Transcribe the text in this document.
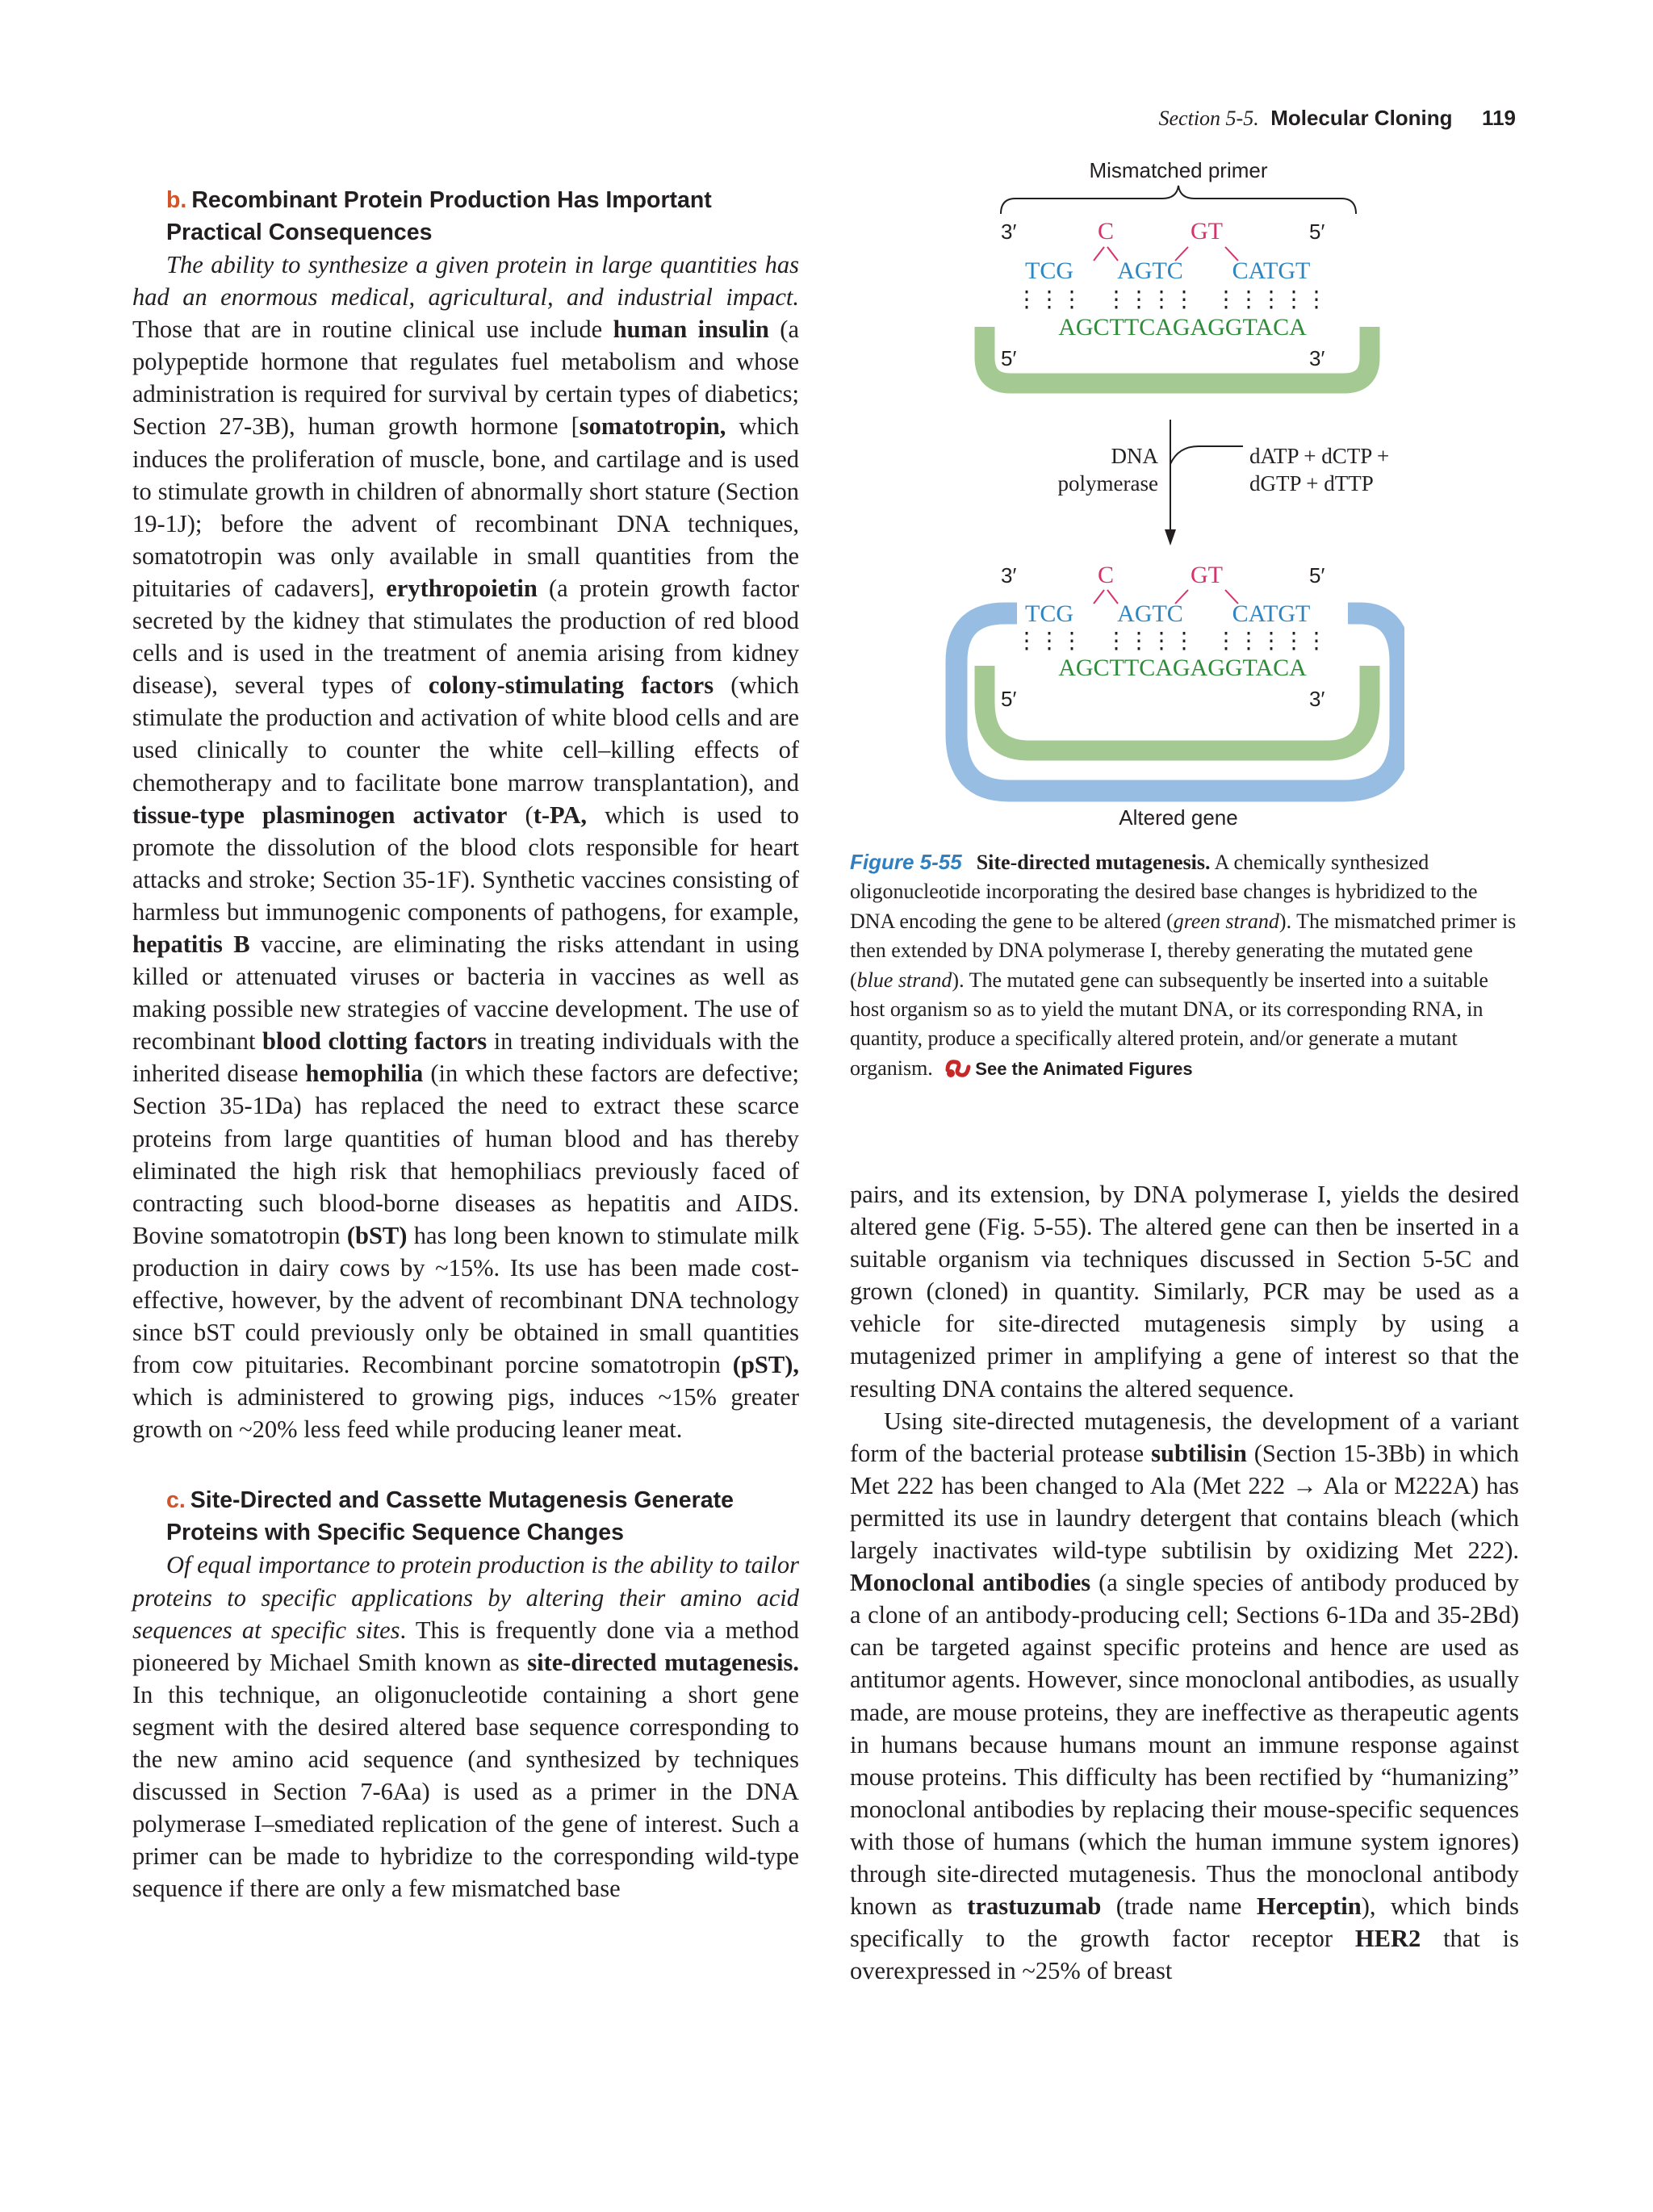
Section 5-5. Molecular Cloning 119
b. Recombinant Protein Production Has Important Practical Consequences

The ability to synthesize a given protein in large quantities has had an enormous medical, agricultural, and industrial impact. Those that are in routine clinical use include human insulin (a polypeptide hormone that regulates fuel metabolism and whose administration is required for survival by certain types of diabetics; Section 27-3B), human growth hormone [somatotropin, which induces the proliferation of muscle, bone, and cartilage and is used to stimulate growth in children of abnormally short stature (Section 19-1J); before the advent of recombinant DNA techniques, somatotropin was only available in small quantities from the pituitaries of cadavers], erythropoietin (a protein growth factor secreted by the kidney that stimulates the production of red blood cells and is used in the treatment of anemia arising from kidney disease), several types of colony-stimulating factors (which stimulate the production and activation of white blood cells and are used clinically to counter the white cell–killing effects of chemotherapy and to facilitate bone marrow transplantation), and tissue-type plasminogen activator (t-PA, which is used to promote the dissolution of the blood clots responsible for heart attacks and stroke; Section 35-1F). Synthetic vaccines consisting of harmless but immunogenic components of pathogens, for example, hepatitis B vaccine, are eliminating the risks attendant in using killed or attenuated viruses or bacteria in vaccines as well as making possible new strategies of vaccine development. The use of recombinant blood clotting factors in treating individuals with the inherited disease hemophilia (in which these factors are defective; Section 35-1Da) has replaced the need to extract these scarce proteins from large quantities of human blood and has thereby eliminated the high risk that hemophiliacs previously faced of contracting such blood-borne diseases as hepatitis and AIDS. Bovine somatotropin (bST) has long been known to stimulate milk production in dairy cows by ~15%. Its use has been made cost-effective, however, by the advent of recombinant DNA technology since bST could previously only be obtained in small quantities from cow pituitaries. Recombinant porcine somatotropin (pST), which is administered to growing pigs, induces ~15% greater growth on ~20% less feed while producing leaner meat.

c. Site-Directed and Cassette Mutagenesis Generate Proteins with Specific Sequence Changes

Of equal importance to protein production is the ability to tailor proteins to specific applications by altering their amino acid sequences at specific sites. This is frequently done via a method pioneered by Michael Smith known as site-directed mutagenesis. In this technique, an oligonucleotide containing a short gene segment with the desired altered base sequence corresponding to the new amino acid sequence (and synthesized by techniques discussed in Section 7-6Aa) is used as a primer in the DNA polymerase I–smediated replication of the gene of interest. Such a primer can be made to hybridize to the corresponding wild-type sequence if there are only a few mismatched base

Mismatched primer
3′	5′
C	GT
TCG AGTC CATGT
⋮⋮⋮ ⋮⋮⋮⋮ ⋮⋮⋮⋮⋮
AGCTTCAGAGGTACA
5′	3′
DNA
polymerase
dATP + dCTP +
dGTP + dTTP
3′	5′
C	GT
TCG AGTC CATGT
⋮⋮⋮ ⋮⋮⋮⋮ ⋮⋮⋮⋮⋮
AGCTTCAGAGGTACA
5′	3′
Altered gene
Figure 5-55 Site-directed mutagenesis. A chemically synthesized oligonucleotide incorporating the desired base changes is hybridized to the DNA encoding the gene to be altered (green strand). The mismatched primer is then extended by DNA polymerase I, thereby generating the mutated gene (blue strand). The mutated gene can subsequently be inserted into a suitable host organism so as to yield the mutant DNA, or its corresponding RNA, in quantity, produce a specifically altered protein, and/or generate a mutant organism. See the Animated Figures

pairs, and its extension, by DNA polymerase I, yields the desired altered gene (Fig. 5-55). The altered gene can then be inserted in a suitable organism via techniques discussed in Section 5-5C and grown (cloned) in quantity. Similarly, PCR may be used as a vehicle for site-directed mutagenesis simply by using a mutagenized primer in amplifying a gene of interest so that the resulting DNA contains the altered sequence.

Using site-directed mutagenesis, the development of a variant form of the bacterial protease subtilisin (Section 15-3Bb) in which Met 222 has been changed to Ala (Met 222 → Ala or M222A) has permitted its use in laundry detergent that contains bleach (which largely inactivates wild-type subtilisin by oxidizing Met 222). Monoclonal antibodies (a single species of antibody produced by a clone of an antibody-producing cell; Sections 6-1Da and 35-2Bd) can be targeted against specific proteins and hence are used as antitumor agents. However, since monoclonal antibodies, as usually made, are mouse proteins, they are ineffective as therapeutic agents in humans because humans mount an immune response against mouse proteins. This difficulty has been rectified by “humanizing” monoclonal antibodies by replacing their mouse-specific sequences with those of humans (which the human immune system ignores) through site-directed mutagenesis. Thus the monoclonal antibody known as trastuzumab (trade name Herceptin), which binds specifically to the growth factor receptor HER2 that is overexpressed in ~25% of breast
